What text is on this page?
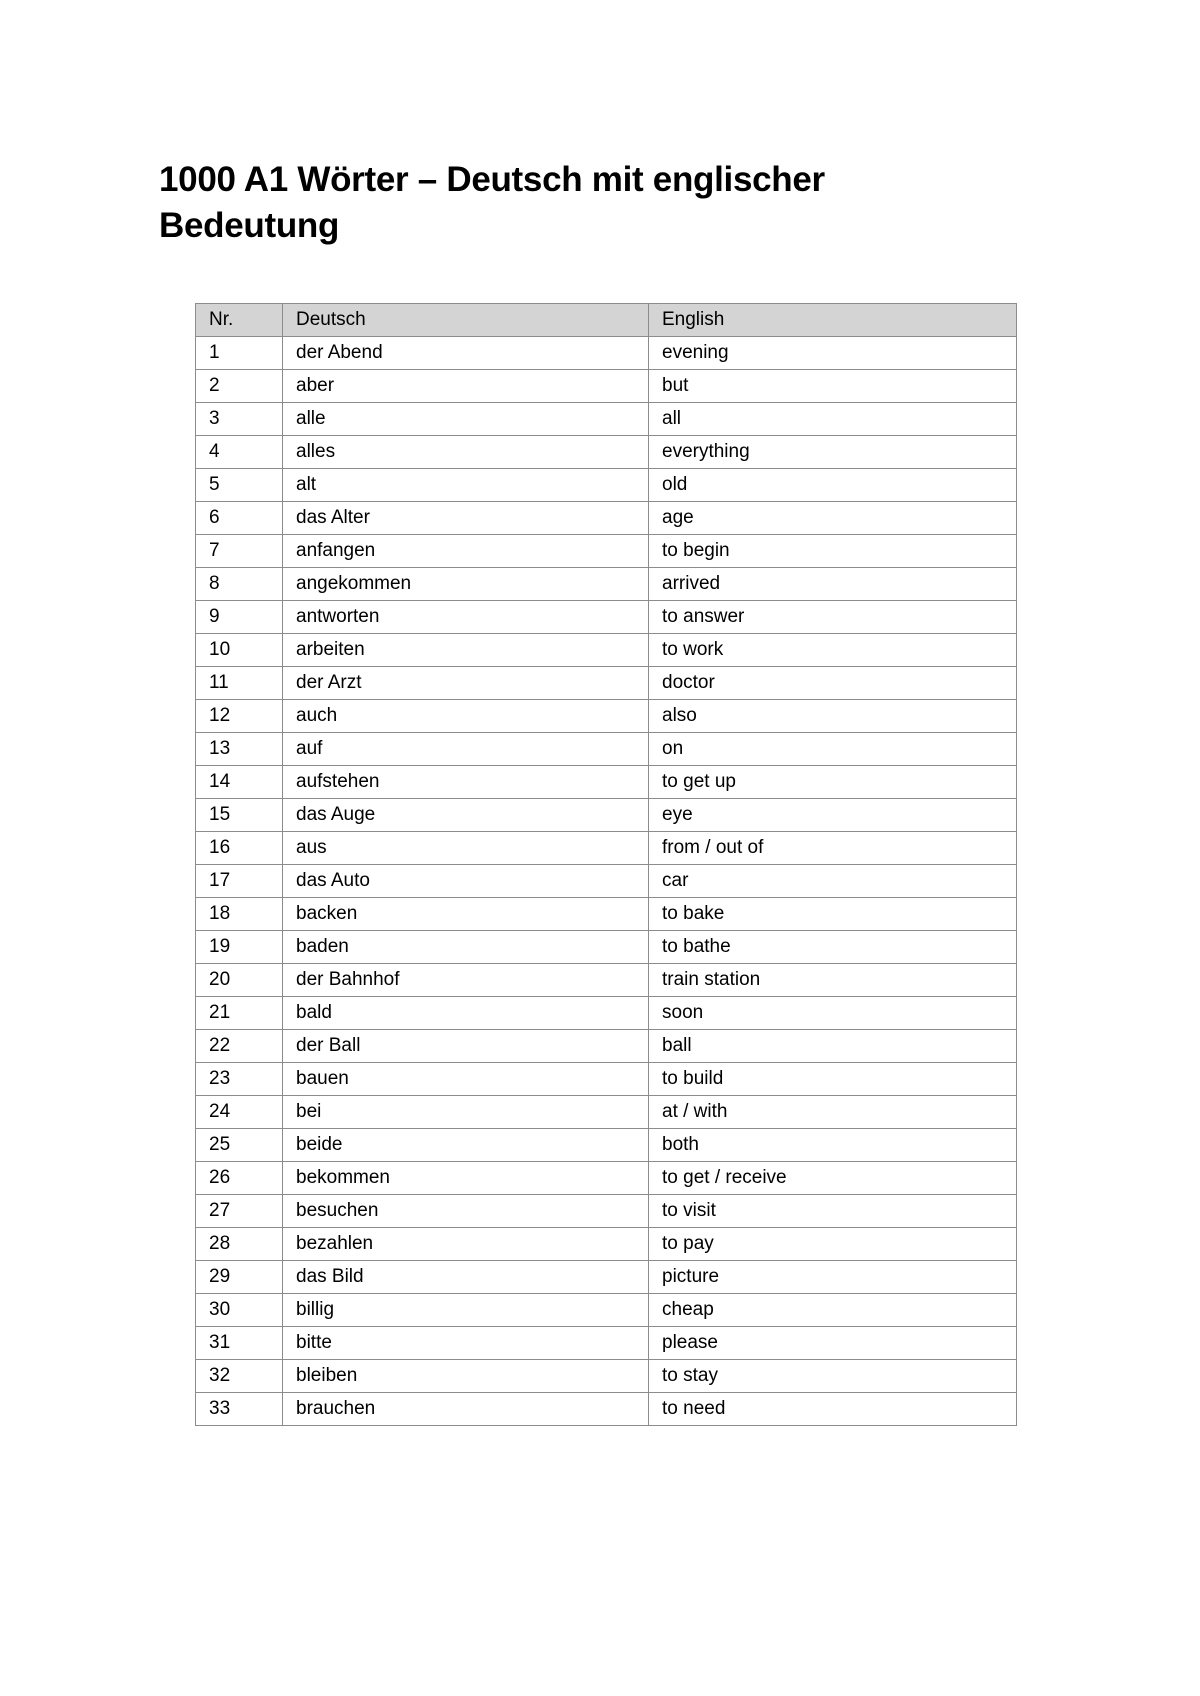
1000 A1 Wörter – Deutsch mit englischer Bedeutung
Nr.	Deutsch	English
1	der Abend	evening
2	aber	but
3	alle	all
4	alles	everything
5	alt	old
6	das Alter	age
7	anfangen	to begin
8	angekommen	arrived
9	antworten	to answer
10	arbeiten	to work
11	der Arzt	doctor
12	auch	also
13	auf	on
14	aufstehen	to get up
15	das Auge	eye
16	aus	from / out of
17	das Auto	car
18	backen	to bake
19	baden	to bathe
20	der Bahnhof	train station
21	bald	soon
22	der Ball	ball
23	bauen	to build
24	bei	at / with
25	beide	both
26	bekommen	to get / receive
27	besuchen	to visit
28	bezahlen	to pay
29	das Bild	picture
30	billig	cheap
31	bitte	please
32	bleiben	to stay
33	brauchen	to need
